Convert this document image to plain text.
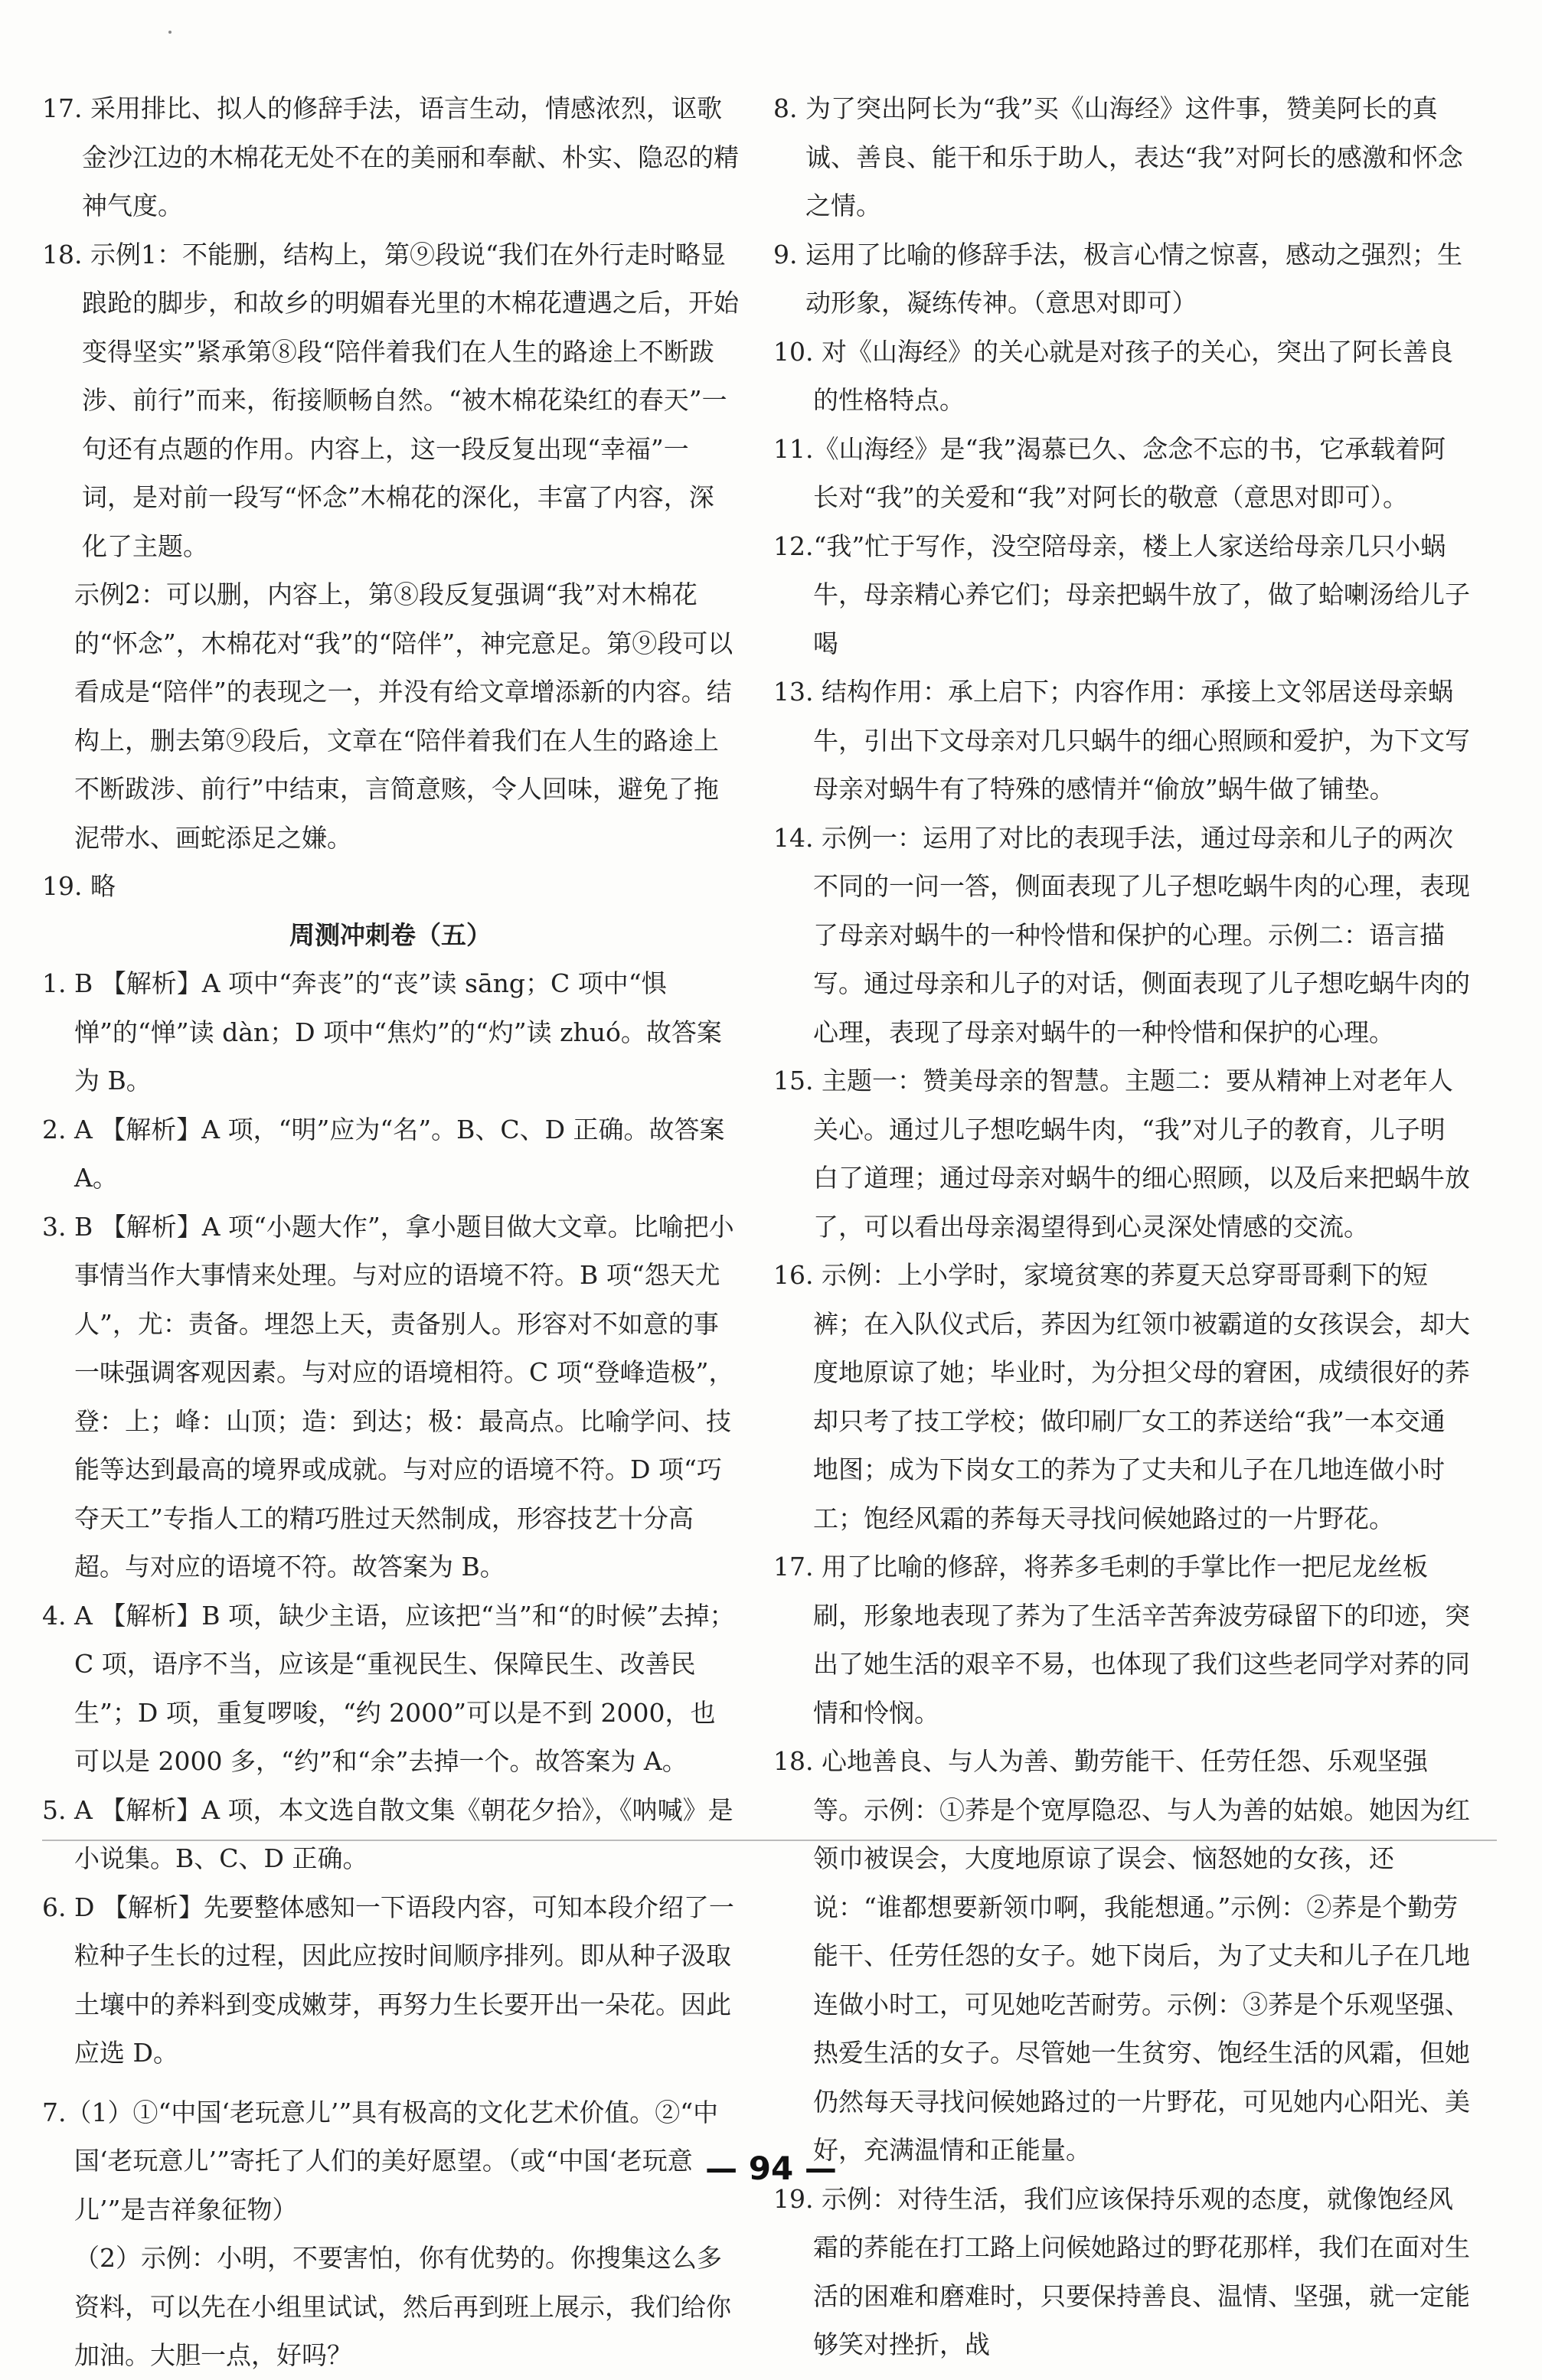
17. 采用排比、拟人的修辞手法，语言生动，情感浓烈，讴歌金沙江边的木棉花无处不在的美丽和奉献、朴实、隐忍的精神气度。

18. 示例1：不能删，结构上，第⑨段说“我们在外行走时略显踉跄的脚步，和故乡的明媚春光里的木棉花遭遇之后，开始变得坚实”紧承第⑧段“陪伴着我们在人生的路途上不断跋涉、前行”而来，衔接顺畅自然。“被木棉花染红的春天”一句还有点题的作用。内容上，这一段反复出现“幸福”一词，是对前一段写“怀念”木棉花的深化，丰富了内容，深化了主题。

示例2：可以删，内容上，第⑧段反复强调“我”对木棉花的“怀念”，木棉花对“我”的“陪伴”，神完意足。第⑨段可以看成是“陪伴”的表现之一，并没有给文章增添新的内容。结构上，删去第⑨段后，文章在“陪伴着我们在人生的路途上不断跋涉、前行”中结束，言简意赅，令人回味，避免了拖泥带水、画蛇添足之嫌。

19. 略

周测冲刺卷（五）

1. B 【解析】A 项中“奔丧”的“丧”读 sāng；C 项中“惧惮”的“惮”读 dàn；D 项中“焦灼”的“灼”读 zhuó。故答案为 B。

2. A 【解析】A 项，“明”应为“名”。B、C、D 正确。故答案 A。

3. B 【解析】A 项“小题大作”，拿小题目做大文章。比喻把小事情当作大事情来处理。与对应的语境不符。B 项“怨天尤人”，尤：责备。埋怨上天，责备别人。形容对不如意的事一味强调客观因素。与对应的语境相符。C 项“登峰造极”，登：上；峰：山顶；造：到达；极：最高点。比喻学问、技能等达到最高的境界或成就。与对应的语境不符。D 项“巧夺天工”专指人工的精巧胜过天然制成，形容技艺十分高超。与对应的语境不符。故答案为 B。

4. A 【解析】B 项，缺少主语，应该把“当”和“的时候”去掉；C 项，语序不当，应该是“重视民生、保障民生、改善民生”；D 项，重复啰唆，“约 2000”可以是不到 2000，也可以是 2000 多，“约”和“余”去掉一个。故答案为 A。

5. A 【解析】A 项，本文选自散文集《朝花夕拾》，《呐喊》是小说集。B、C、D 正确。

6. D 【解析】先要整体感知一下语段内容，可知本段介绍了一粒种子生长的过程，因此应按时间顺序排列。即从种子汲取土壤中的养料到变成嫩芽，再努力生长要开出一朵花。因此应选 D。

7.（1）①“中国‘老玩意儿’”具有极高的文化艺术价值。②“中国‘老玩意儿’”寄托了人们的美好愿望。（或“中国‘老玩意儿’”是吉祥象征物）

（2）示例：小明，不要害怕，你有优势的。你搜集这么多资料，可以先在小组里试试，然后再到班上展示，我们给你加油。大胆一点，好吗？

8. 为了突出阿长为“我”买《山海经》这件事，赞美阿长的真诚、善良、能干和乐于助人，表达“我”对阿长的感激和怀念之情。

9. 运用了比喻的修辞手法，极言心情之惊喜，感动之强烈；生动形象，凝练传神。（意思对即可）

10. 对《山海经》的关心就是对孩子的关心，突出了阿长善良的性格特点。

11.《山海经》是“我”渴慕已久、念念不忘的书，它承载着阿长对“我”的关爱和“我”对阿长的敬意（意思对即可）。

12.“我”忙于写作，没空陪母亲，楼上人家送给母亲几只小蜗牛，母亲精心养它们；母亲把蜗牛放了，做了蛤喇汤给儿子喝

13. 结构作用：承上启下；内容作用：承接上文邻居送母亲蜗牛，引出下文母亲对几只蜗牛的细心照顾和爱护，为下文写母亲对蜗牛有了特殊的感情并“偷放”蜗牛做了铺垫。

14. 示例一：运用了对比的表现手法，通过母亲和儿子的两次不同的一问一答，侧面表现了儿子想吃蜗牛肉的心理，表现了母亲对蜗牛的一种怜惜和保护的心理。示例二：语言描写。通过母亲和儿子的对话，侧面表现了儿子想吃蜗牛肉的心理，表现了母亲对蜗牛的一种怜惜和保护的心理。

15. 主题一：赞美母亲的智慧。主题二：要从精神上对老年人关心。通过儿子想吃蜗牛肉，“我”对儿子的教育，儿子明白了道理；通过母亲对蜗牛的细心照顾，以及后来把蜗牛放了，可以看出母亲渴望得到心灵深处情感的交流。

16. 示例：上小学时，家境贫寒的荞夏天总穿哥哥剩下的短裤；在入队仪式后，荞因为红领巾被霸道的女孩误会，却大度地原谅了她；毕业时，为分担父母的窘困，成绩很好的荞却只考了技工学校；做印刷厂女工的荞送给“我”一本交通地图；成为下岗女工的荞为了丈夫和儿子在几地连做小时工；饱经风霜的荞每天寻找问候她路过的一片野花。

17. 用了比喻的修辞，将荞多毛刺的手掌比作一把尼龙丝板刷，形象地表现了荞为了生活辛苦奔波劳碌留下的印迹，突出了她生活的艰辛不易，也体现了我们这些老同学对荞的同情和怜悯。

18. 心地善良、与人为善、勤劳能干、任劳任怨、乐观坚强等。示例：①荞是个宽厚隐忍、与人为善的姑娘。她因为红领巾被误会，大度地原谅了误会、恼怒她的女孩，还说：“谁都想要新领巾啊，我能想通。”示例：②荞是个勤劳能干、任劳任怨的女子。她下岗后，为了丈夫和儿子在几地连做小时工，可见她吃苦耐劳。示例：③荞是个乐观坚强、热爱生活的女子。尽管她一生贫穷、饱经生活的风霜，但她仍然每天寻找问候她路过的一片野花，可见她内心阳光、美好，充满温情和正能量。

19. 示例：对待生活，我们应该保持乐观的态度，就像饱经风霜的荞能在打工路上问候她路过的野花那样，我们在面对生活的困难和磨难时，只要保持善良、温情、坚强，就一定能够笑对挫折，战

— 94 —
